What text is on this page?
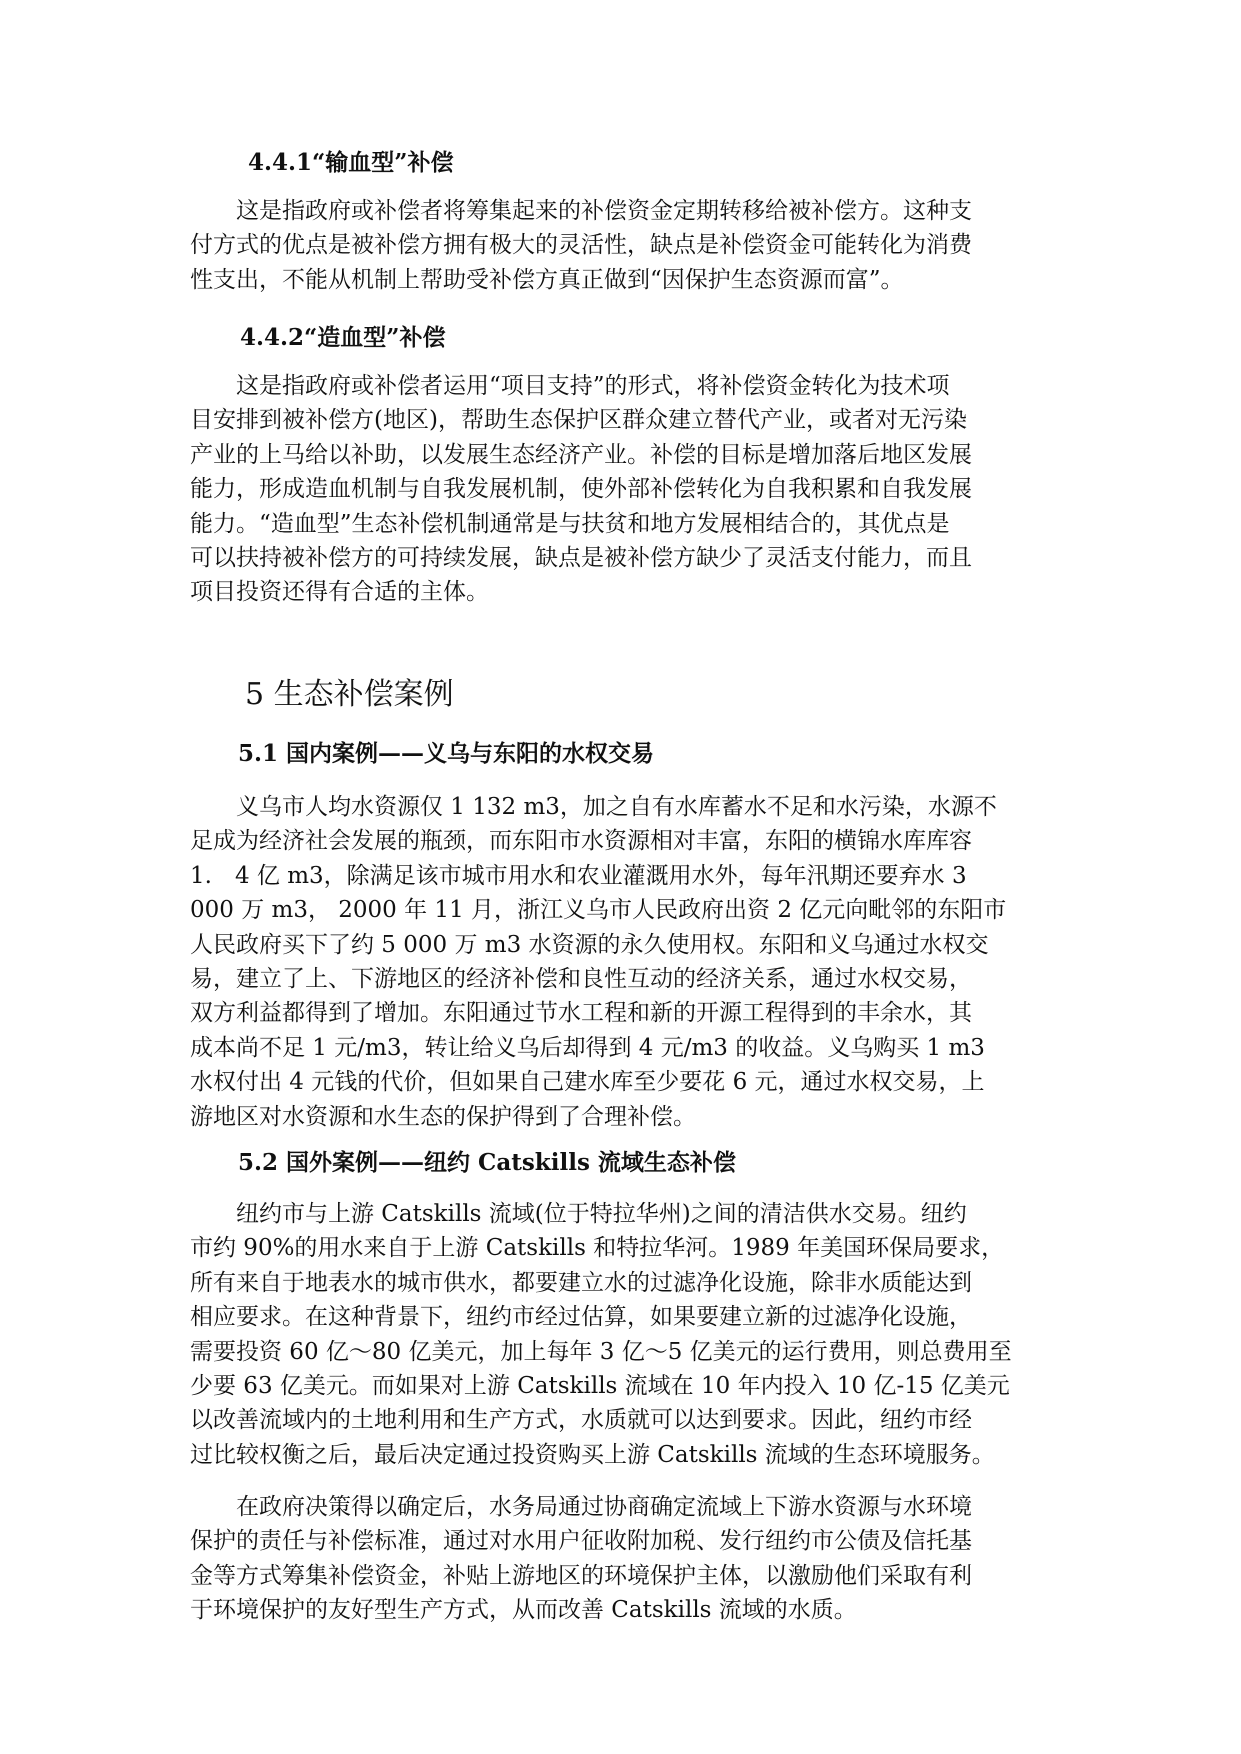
4.4.1“输血型”补偿
　　这是指政府或补偿者将筹集起来的补偿资金定期转移给被补偿方。这种支
付方式的优点是被补偿方拥有极大的灵活性，缺点是补偿资金可能转化为消费
性支出，不能从机制上帮助受补偿方真正做到“因保护生态资源而富”。
4.4.2“造血型”补偿
　　这是指政府或补偿者运用“项目支持”的形式，将补偿资金转化为技术项
目安排到被补偿方(地区)，帮助生态保护区群众建立替代产业，或者对无污染
产业的上马给以补助，以发展生态经济产业。补偿的目标是增加落后地区发展
能力，形成造血机制与自我发展机制，使外部补偿转化为自我积累和自我发展
能力。“造血型”生态补偿机制通常是与扶贫和地方发展相结合的，其优点是
可以扶持被补偿方的可持续发展，缺点是被补偿方缺少了灵活支付能力，而且
项目投资还得有合适的主体。
5 生态补偿案例
5.1 国内案例——义乌与东阳的水权交易
　　义乌市人均水资源仅 1 132 m3，加之自有水库蓄水不足和水污染，水源不
足成为经济社会发展的瓶颈，而东阳市水资源相对丰富，东阳的横锦水库库容
1.　4 亿 m3，除满足该市城市用水和农业灌溉用水外，每年汛期还要弃水 3
000 万 m3， 2000 年 11 月，浙江义乌市人民政府出资 2 亿元向毗邻的东阳市
人民政府买下了约 5 000 万 m3 水资源的永久使用权。东阳和义乌通过水权交
易，建立了上、下游地区的经济补偿和良性互动的经济关系，通过水权交易，
双方利益都得到了增加。东阳通过节水工程和新的开源工程得到的丰余水，其
成本尚不足 1 元/m3，转让给义乌后却得到 4 元/m3 的收益。义乌购买 1 m3
水权付出 4 元钱的代价，但如果自己建水库至少要花 6 元，通过水权交易，上
游地区对水资源和水生态的保护得到了合理补偿。
5.2 国外案例——纽约 Catskills 流域生态补偿
　　纽约市与上游 Catskills 流域(位于特拉华州)之间的清洁供水交易。纽约
市约 90%的用水来自于上游 Catskills 和特拉华河。1989 年美国环保局要求，
所有来自于地表水的城市供水，都要建立水的过滤净化设施，除非水质能达到
相应要求。在这种背景下，纽约市经过估算，如果要建立新的过滤净化设施，
需要投资 60 亿～80 亿美元，加上每年 3 亿～5 亿美元的运行费用，则总费用至
少要 63 亿美元。而如果对上游 Catskills 流域在 10 年内投入 10 亿-15 亿美元
以改善流域内的土地利用和生产方式，水质就可以达到要求。因此，纽约市经
过比较权衡之后，最后决定通过投资购买上游 Catskills 流域的生态环境服务。
　　在政府决策得以确定后，水务局通过协商确定流域上下游水资源与水环境
保护的责任与补偿标准，通过对水用户征收附加税、发行纽约市公债及信托基
金等方式筹集补偿资金，补贴上游地区的环境保护主体，以激励他们采取有利
于环境保护的友好型生产方式，从而改善 Catskills 流域的水质。
